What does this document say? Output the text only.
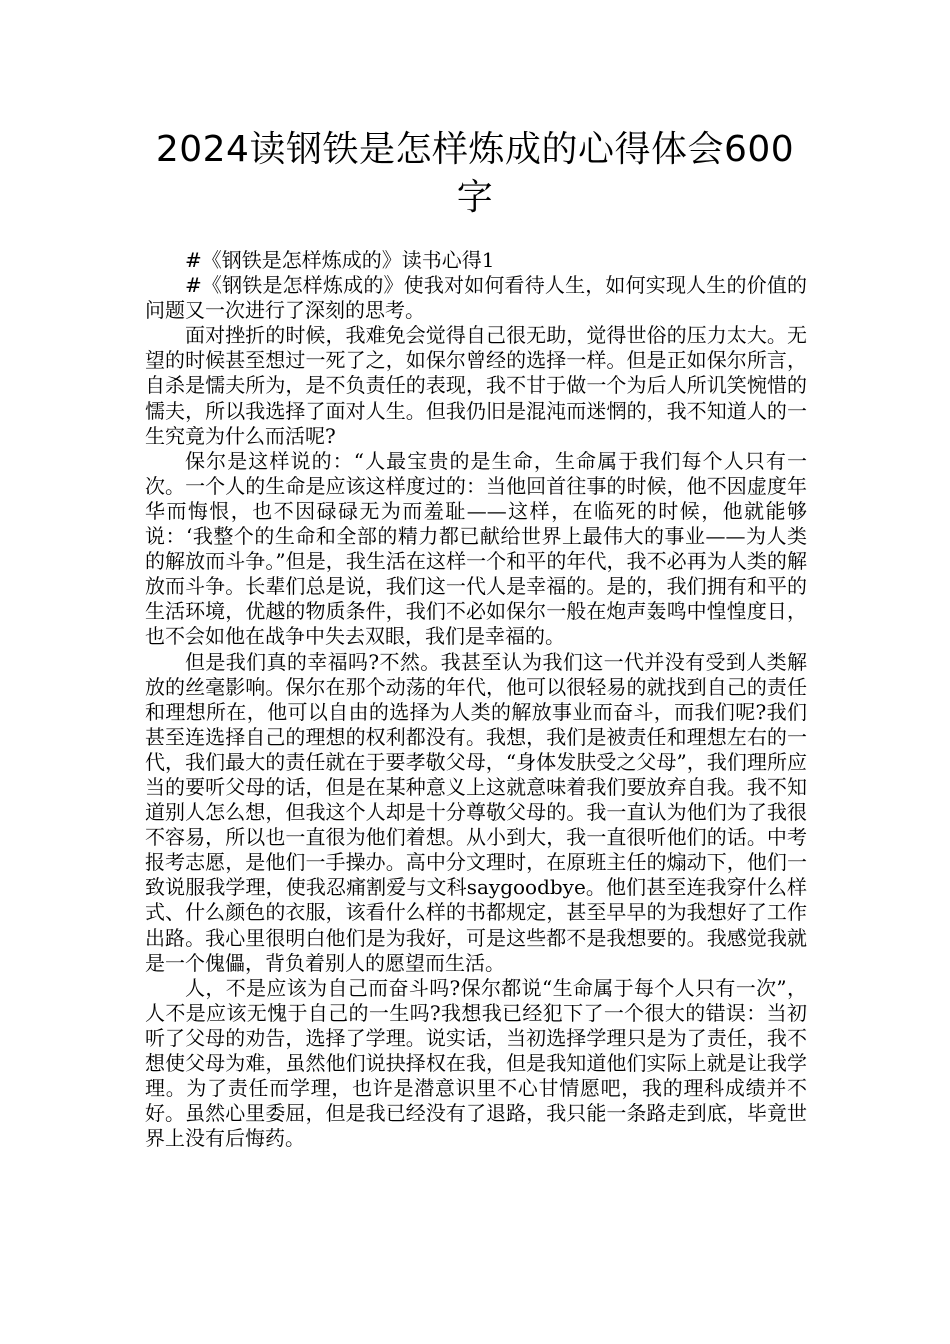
2024读钢铁是怎样炼成的心得体会600字

#《钢铁是怎样炼成的》读书心得1

#《钢铁是怎样炼成的》使我对如何看待人生，如何实现人生的价值的问题又一次进行了深刻的思考。

面对挫折的时候，我难免会觉得自己很无助，觉得世俗的压力太大。无望的时候甚至想过一死了之，如保尔曾经的选择一样。但是正如保尔所言，自杀是懦夫所为，是不负责任的表现，我不甘于做一个为后人所讥笑惋惜的懦夫，所以我选择了面对人生。但我仍旧是混沌而迷惘的，我不知道人的一生究竟为什么而活呢?

保尔是这样说的：“人最宝贵的是生命，生命属于我们每个人只有一次。一个人的生命是应该这样度过的：当他回首往事的时候，他不因虚度年华而悔恨，也不因碌碌无为而羞耻——这样，在临死的时候，他就能够说：‘我整个的生命和全部的精力都已献给世界上最伟大的事业——为人类的解放而斗争。”但是，我生活在这样一个和平的年代，我不必再为人类的解放而斗争。长辈们总是说，我们这一代人是幸福的。是的，我们拥有和平的生活环境，优越的物质条件，我们不必如保尔一般在炮声轰鸣中惶惶度日，也不会如他在战争中失去双眼，我们是幸福的。

但是我们真的幸福吗?不然。我甚至认为我们这一代并没有受到人类解放的丝毫影响。保尔在那个动荡的年代，他可以很轻易的就找到自己的责任和理想所在，他可以自由的选择为人类的解放事业而奋斗，而我们呢?我们甚至连选择自己的理想的权利都没有。我想，我们是被责任和理想左右的一代，我们最大的责任就在于要孝敬父母，“身体发肤受之父母”，我们理所应当的要听父母的话，但是在某种意义上这就意味着我们要放弃自我。我不知道别人怎么想，但我这个人却是十分尊敬父母的。我一直认为他们为了我很不容易，所以也一直很为他们着想。从小到大，我一直很听他们的话。中考报考志愿，是他们一手操办。高中分文理时，在原班主任的煽动下，他们一致说服我学理，使我忍痛割爱与文科saygoodbye。他们甚至连我穿什么样式、什么颜色的衣服，该看什么样的书都规定，甚至早早的为我想好了工作出路。我心里很明白他们是为我好，可是这些都不是我想要的。我感觉我就是一个傀儡，背负着别人的愿望而生活。

人，不是应该为自己而奋斗吗?保尔都说“生命属于每个人只有一次”，人不是应该无愧于自己的一生吗?我想我已经犯下了一个很大的错误：当初听了父母的劝告，选择了学理。说实话，当初选择学理只是为了责任，我不想使父母为难，虽然他们说抉择权在我，但是我知道他们实际上就是让我学理。为了责任而学理，也许是潜意识里不心甘情愿吧，我的理科成绩并不好。虽然心里委屈，但是我已经没有了退路，我只能一条路走到底，毕竟世界上没有后悔药。
